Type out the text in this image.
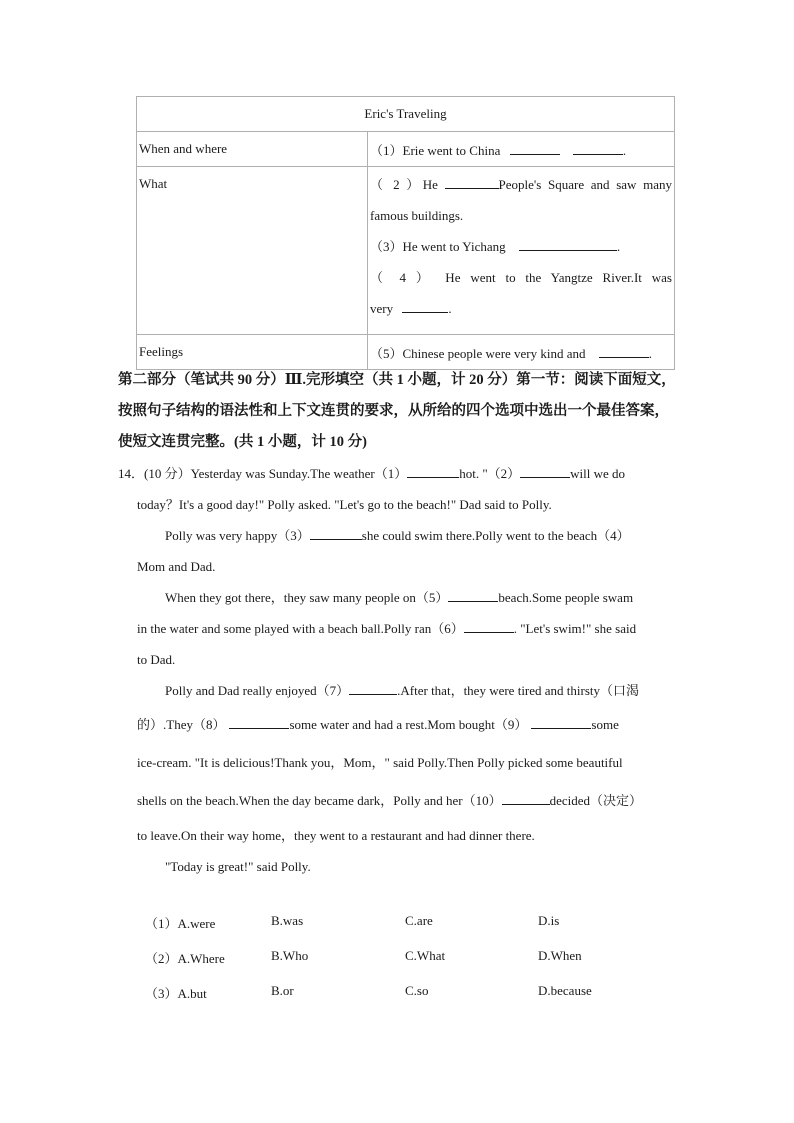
Eric's Traveling	
When and where	（1）Erie went to China .
What	（ 2 ）He People's Square and saw many
famous buildings.
（3）He went to Yichang .
（ 4 ） He went to the Yangtze River.It was
very .

Feelings	（5）Chinese people were very kind and .
第二部分（笔试共 90 分）Ⅲ.完形填空（共 1 小题，计 20 分）第一节：阅读下面短文，按照句子结构的语法性和上下文连贯的要求，从所给的四个选项中选出一个最佳答案，使短文连贯完整。(共 1 小题，计 10 分)
14．(10 分）Yesterday was Sunday.The weather（1）	hot. "（2）	will we do
today？It's a good day!" Polly asked. "Let's go to the beach!" Dad said to Polly.
Polly was very happy（3）	she could swim there.Polly went to the beach（4）
Mom and Dad.
When they got there，they saw many people on（5）	beach.Some people swam
in the water and some played with a beach ball.Polly ran（6）	. "Let's swim!" she said
to Dad.
Polly and Dad really enjoyed（7）	.After that，they were tired and thirsty（口渴
的）.They（8）	some water and had a rest.Mom bought（9）	some
ice-cream. "It is delicious!Thank you，Mom，" said Polly.Then Polly picked some beautiful
shells on the beach.When the day became dark，Polly and her（10）	decided（决定）
to leave.On their way home，they went to a restaurant and had dinner there.
"Today is great!" said Polly.
（1）A.were	B.was	C.are	D.is
（2）A.Where	B.Who	C.What	D.When
（3）A.but	B.or	C.so	D.because
